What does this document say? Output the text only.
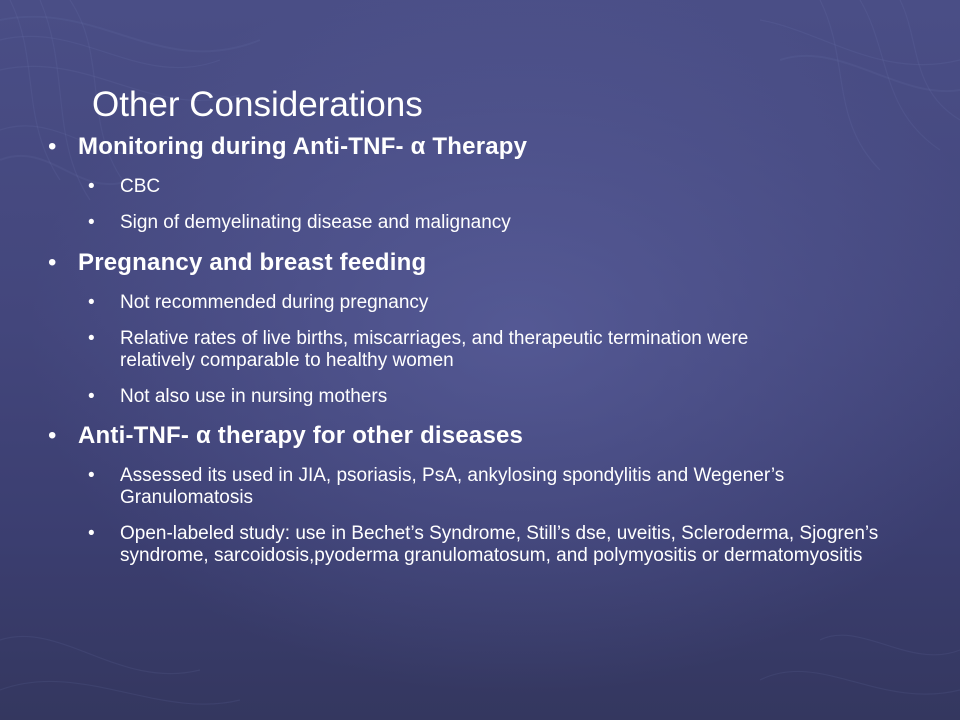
Other Considerations

• Monitoring during Anti-TNF- α Therapy

• CBC

• Sign of demyelinating disease and malignancy

• Pregnancy and breast feeding

• Not recommended during pregnancy

• Relative rates of live births, miscarriages, and therapeutic termination were relatively comparable to healthy women

• Not also use in nursing mothers

• Anti-TNF- α therapy for other diseases

• Assessed its used in JIA, psoriasis, PsA, ankylosing spondylitis and Wegener’s Granulomatosis

• Open-labeled study: use in Bechet’s Syndrome, Still’s dse, uveitis, Scleroderma, Sjogren’s syndrome, sarcoidosis,pyoderma granulomatosum, and polymyositis or dermatomyositis
